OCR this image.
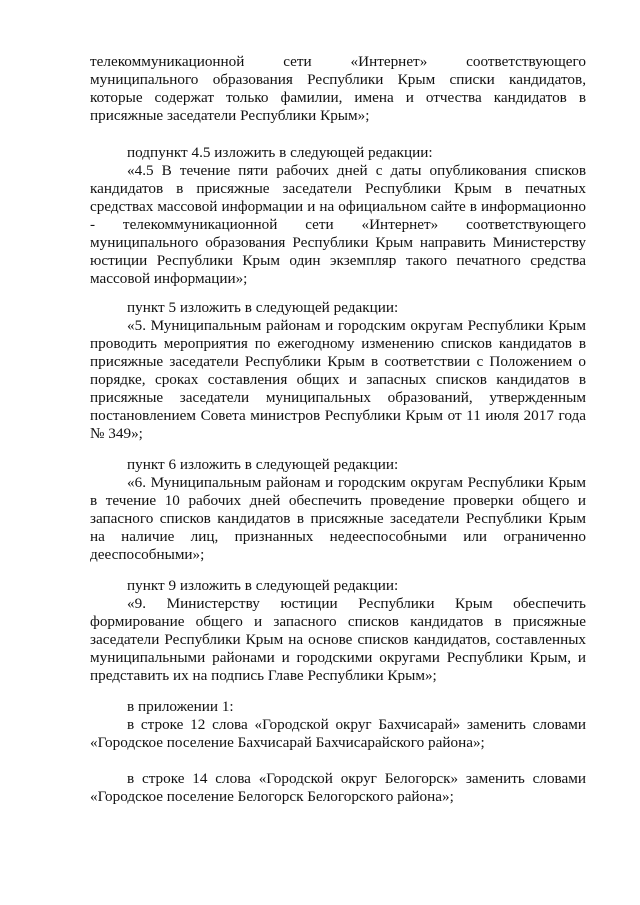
телекоммуникационной сети «Интернет» соответствующего муниципального образования Республики Крым списки кандидатов, которые содержат только фамилии, имена и отчества кандидатов в присяжные заседатели Республики Крым»;

подпункт 4.5 изложить в следующей редакции:

«4.5 В течение пяти рабочих дней с даты опубликования списков кандидатов в присяжные заседатели Республики Крым в печатных средствах массовой информации и на официальном сайте в информационно - телекоммуникационной сети «Интернет» соответствующего муниципального образования Республики Крым направить Министерству юстиции Республики Крым один экземпляр такого печатного средства массовой информации»;

пункт 5 изложить в следующей редакции:

«5. Муниципальным районам и городским округам Республики Крым проводить мероприятия по ежегодному изменению списков кандидатов в присяжные заседатели Республики Крым в соответствии с Положением о порядке, сроках составления общих и запасных списков кандидатов в присяжные заседатели муниципальных образований, утвержденным постановлением Совета министров Республики Крым от 11 июля 2017 года № 349»;

пункт 6 изложить в следующей редакции:

«6. Муниципальным районам и городским округам Республики Крым в течение 10 рабочих дней обеспечить проведение проверки общего и запасного списков кандидатов в присяжные заседатели Республики Крым на наличие лиц, признанных недееспособными или ограниченно дееспособными»;

пункт 9 изложить в следующей редакции:

«9. Министерству юстиции Республики Крым обеспечить формирование общего и запасного списков кандидатов в присяжные заседатели Республики Крым на основе списков кандидатов, составленных муниципальными районами и городскими округами Республики Крым, и представить их на подпись Главе Республики Крым»;

в приложении 1:

в строке 12 слова «Городской округ Бахчисарай» заменить словами «Городское поселение Бахчисарай Бахчисарайского района»;

в строке 14 слова «Городской округ Белогорск» заменить словами «Городское поселение Белогорск Белогорского района»;
